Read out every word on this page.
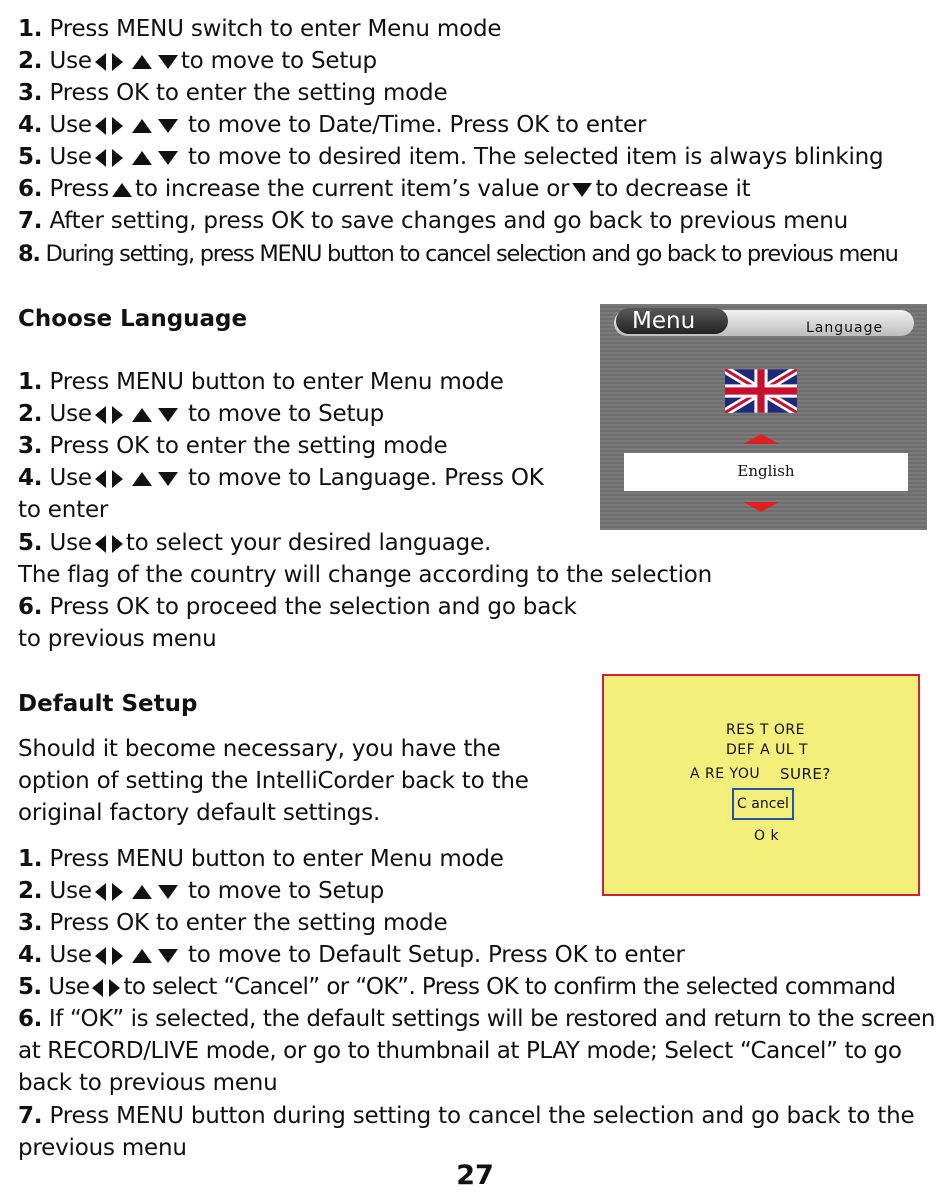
1. Press MENU switch to enter Menu mode
2. Use	to move to Setup
3. Press OK to enter the setting mode
4. Use	to move to Date/Time. Press OK to enter
5. Use	to move to desired item. The selected item is always blinking
6. Press to increase the current item’s value or to decrease it
7. After setting, press OK to save changes and go back to previous menu
8. During setting, press MENU button to cancel selection and go back to previous menu
Choose Language
1. Press MENU button to enter Menu mode
2. Use	to move to Setup
3. Press OK to enter the setting mode
4. Use	to move to Language. Press OK
to enter
5. Use to select your desired language.
The flag of the country will change according to the selection
6. Press OK to proceed the selection and go back
to previous menu
Language
Menu
English
Default Setup
Should it become necessary, you have the
option of setting the IntelliCorder back to the
original factory default settings.
1. Press MENU button to enter Menu mode
2. Use	to move to Setup
3. Press OK to enter the setting mode
4. Use	to move to Default Setup. Press OK to enter
5. Use to select “Cancel” or “OK”. Press OK to confirm the selected command
6. If “OK” is selected, the default settings will be restored and return to the screen
at RECORD/LIVE mode, or go to thumbnail at PLAY mode; Select “Cancel” to go
back to previous menu
7. Press MENU button during setting to cancel the selection and go back to the
previous menu
RES T ORE
DEF A UL T
A RE YOU SURE?
C ancel
O k
27
